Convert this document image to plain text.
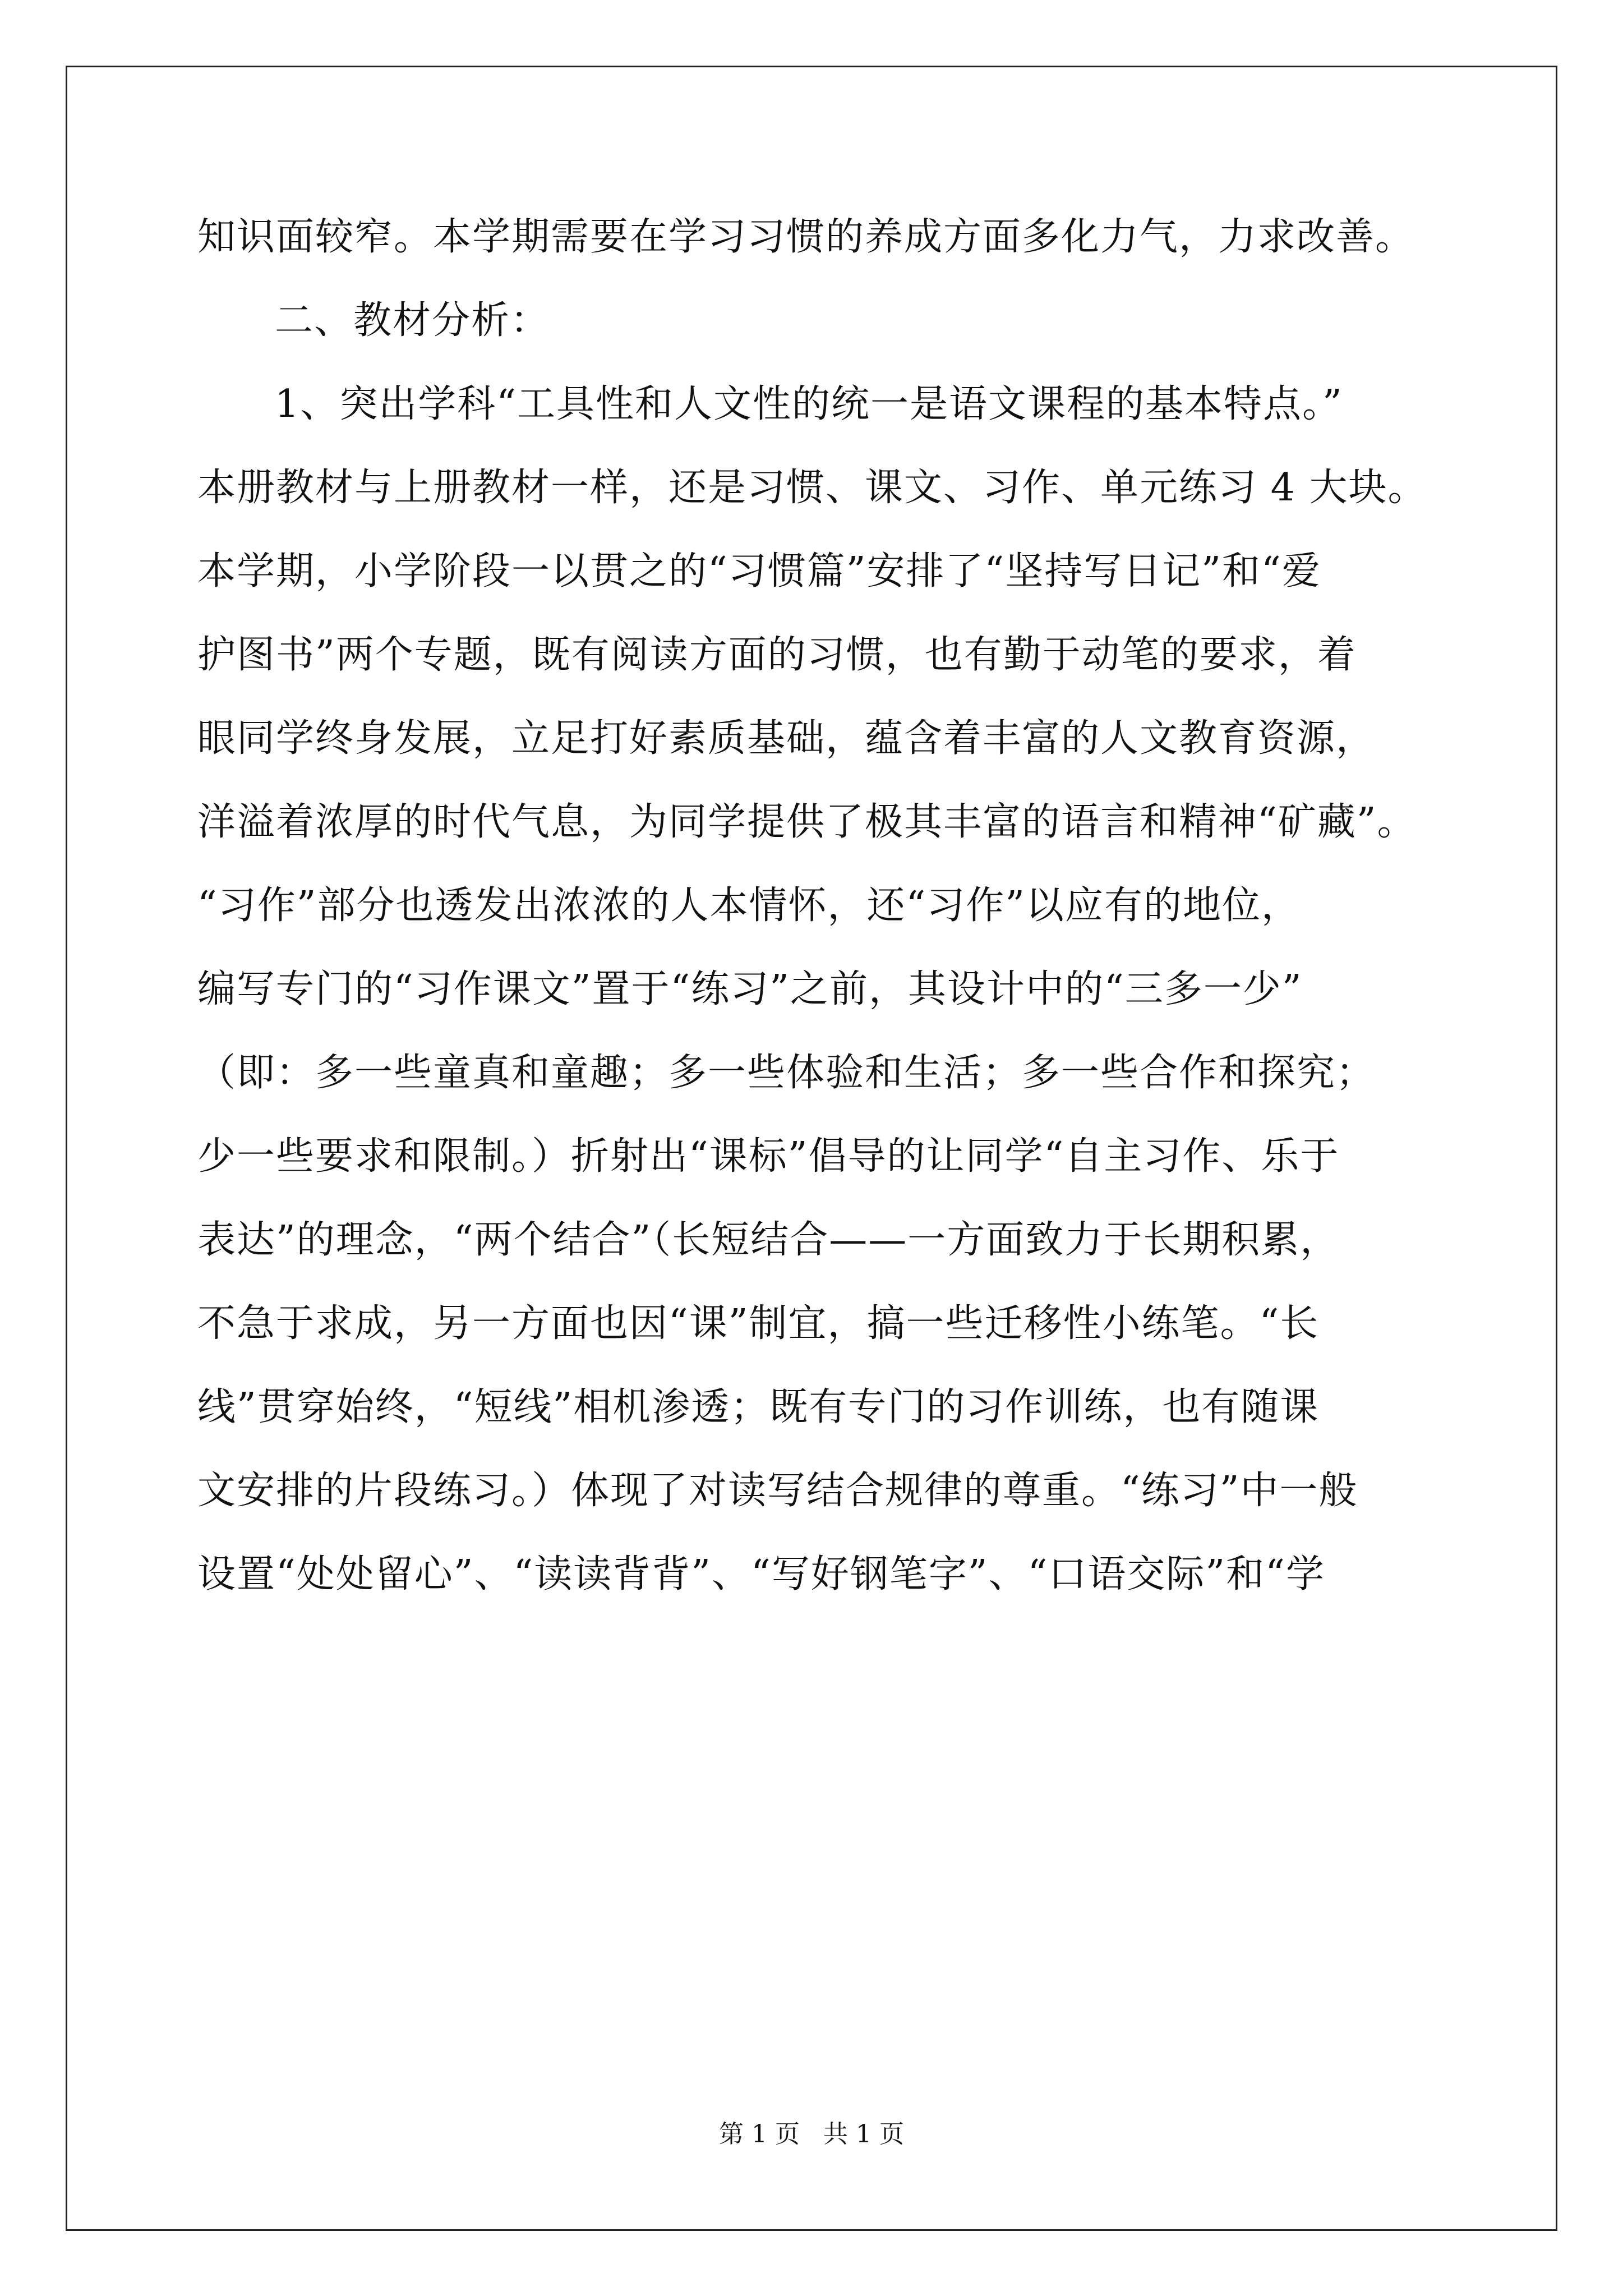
知识面较窄。本学期需要在学习习惯的养成方面多化力气，力求改善。
二、教材分析：
1、突出学科“工具性和人文性的统一是语文课程的基本特点。”
本册教材与上册教材一样，还是习惯、课文、习作、单元练习 4 大块。
本学期，小学阶段一以贯之的“习惯篇”安排了“坚持写日记”和“爱
护图书”两个专题，既有阅读方面的习惯，也有勤于动笔的要求，着
眼同学终身发展，立足打好素质基础，蕴含着丰富的人文教育资源，
洋溢着浓厚的时代气息，为同学提供了极其丰富的语言和精神“矿藏”。
“习作”部分也透发出浓浓的人本情怀，还“习作”以应有的地位，
编写专门的“习作课文”置于“练习”之前，其设计中的“三多一少”
（即：多一些童真和童趣；多一些体验和生活；多一些合作和探究；
少一些要求和限制。）折射出“课标”倡导的让同学“自主习作、乐于
表达”的理念，“两个结合”（长短结合——一方面致力于长期积累，
不急于求成，另一方面也因“课”制宜，搞一些迁移性小练笔。“长
线”贯穿始终，“短线”相机渗透；既有专门的习作训练，也有随课
文安排的片段练习。）体现了对读写结合规律的尊重。“练习”中一般
设置“处处留心”、“读读背背”、“写好钢笔字”、“口语交际”和“学
第 1 页   共 1 页
